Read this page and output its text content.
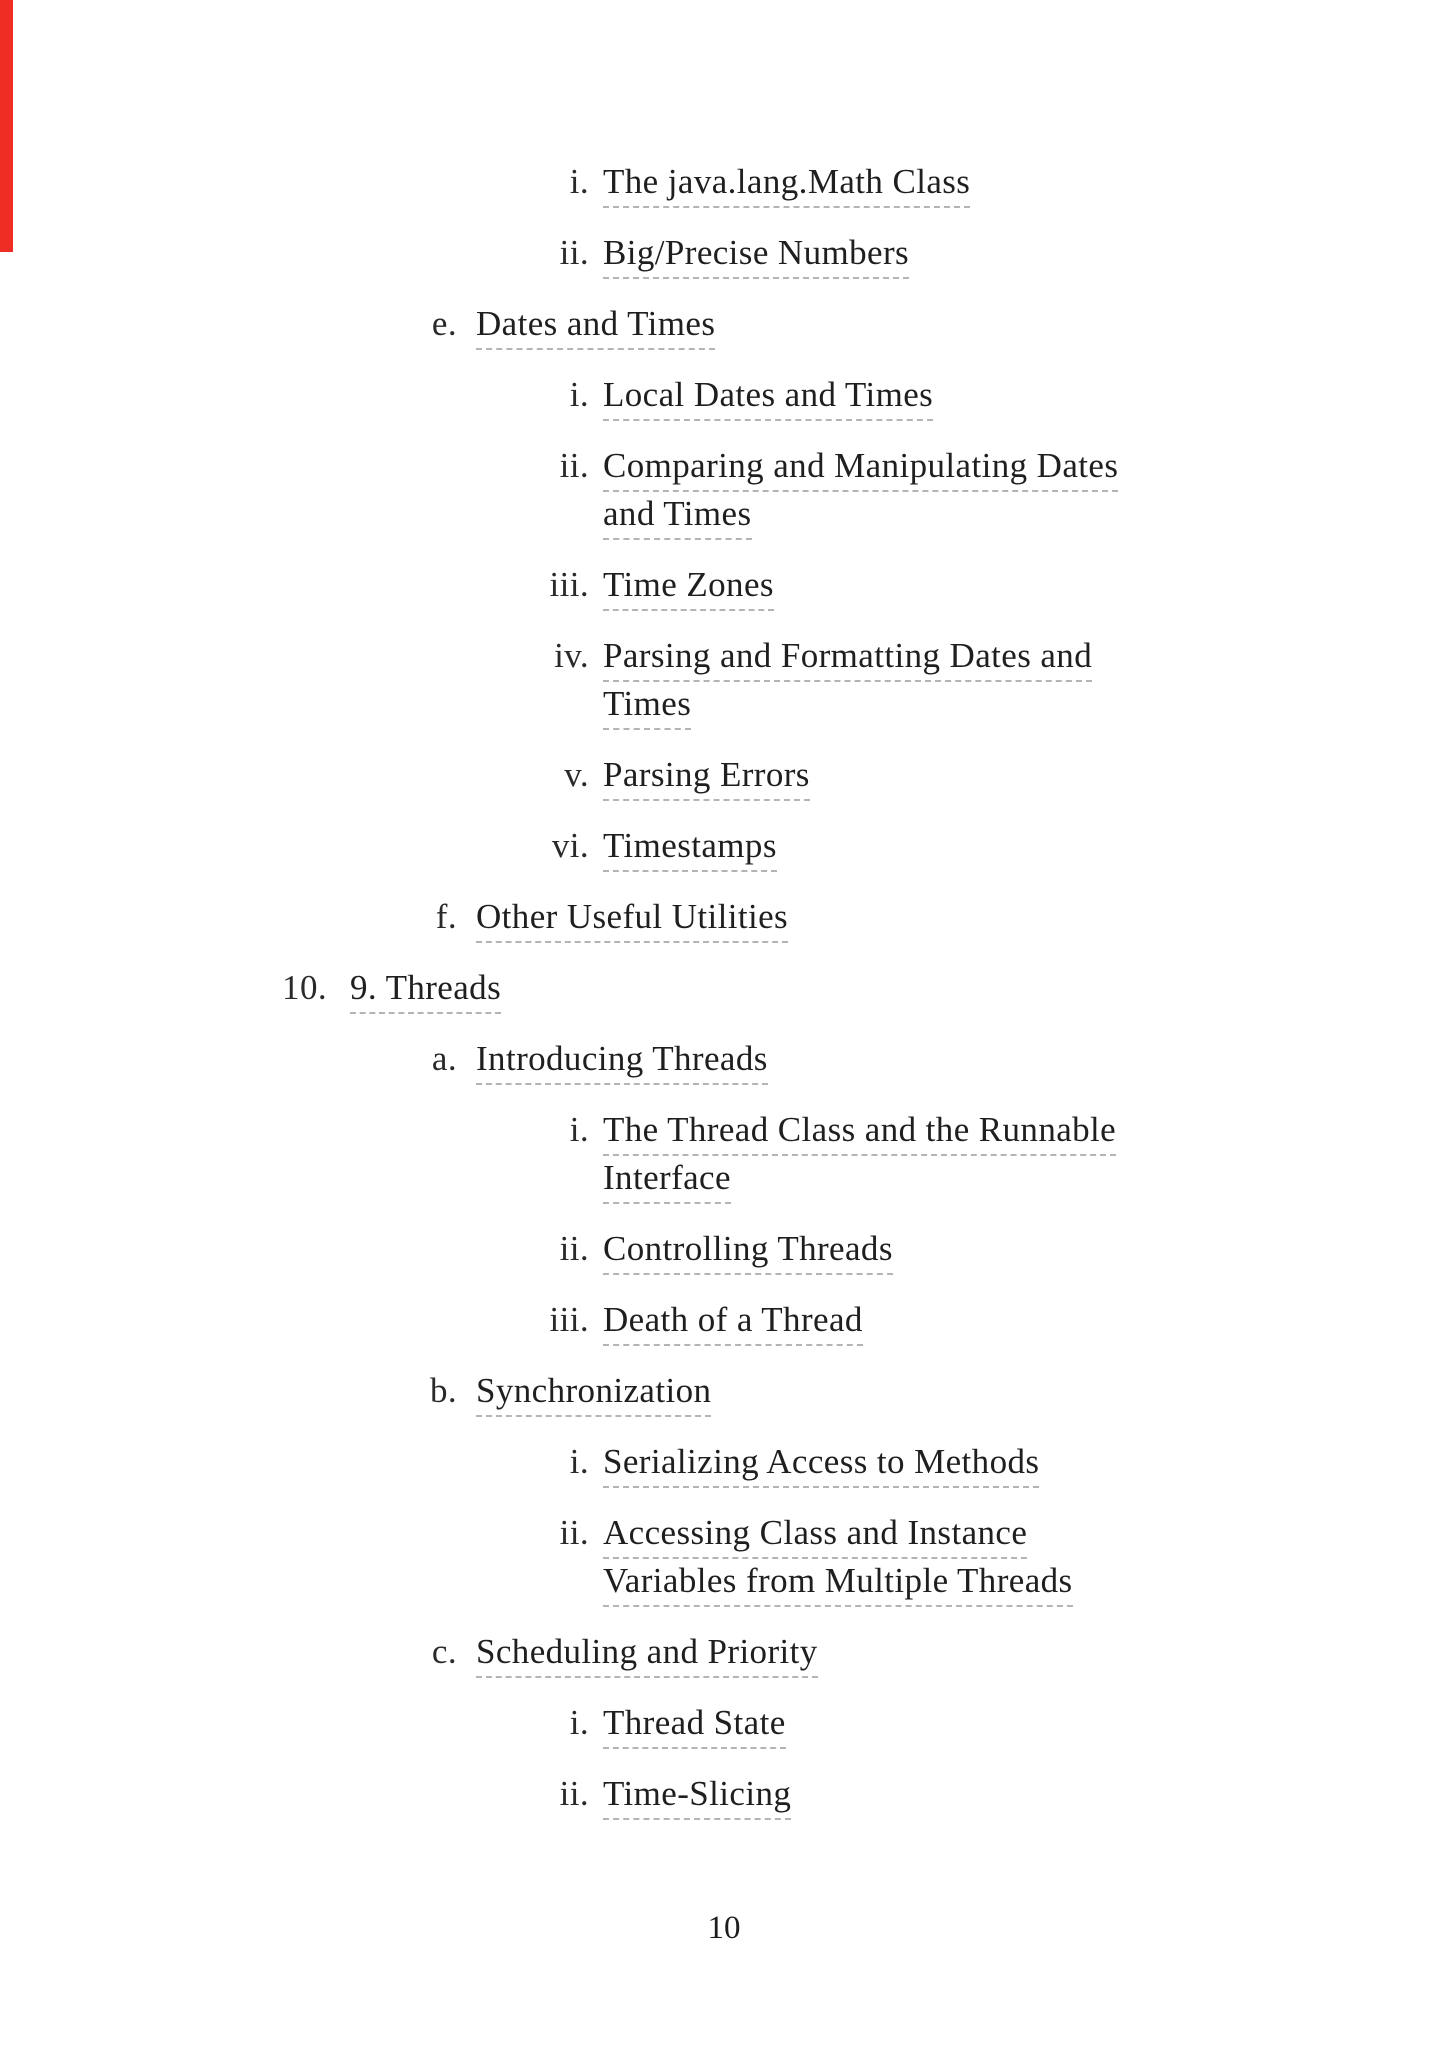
i. The java.lang.Math Class
ii. Big/Precise Numbers
e. Dates and Times
i. Local Dates and Times
ii. Comparing and Manipulating Dates
and Times
iii. Time Zones
iv. Parsing and Formatting Dates and
Times
v. Parsing Errors
vi. Timestamps
f. Other Useful Utilities
10. 9. Threads
a. Introducing Threads
i. The Thread Class and the Runnable
Interface
ii. Controlling Threads
iii. Death of a Thread
b. Synchronization
i. Serializing Access to Methods
ii. Accessing Class and Instance
Variables from Multiple Threads
c. Scheduling and Priority
i. Thread State
ii. Time-Slicing
10
